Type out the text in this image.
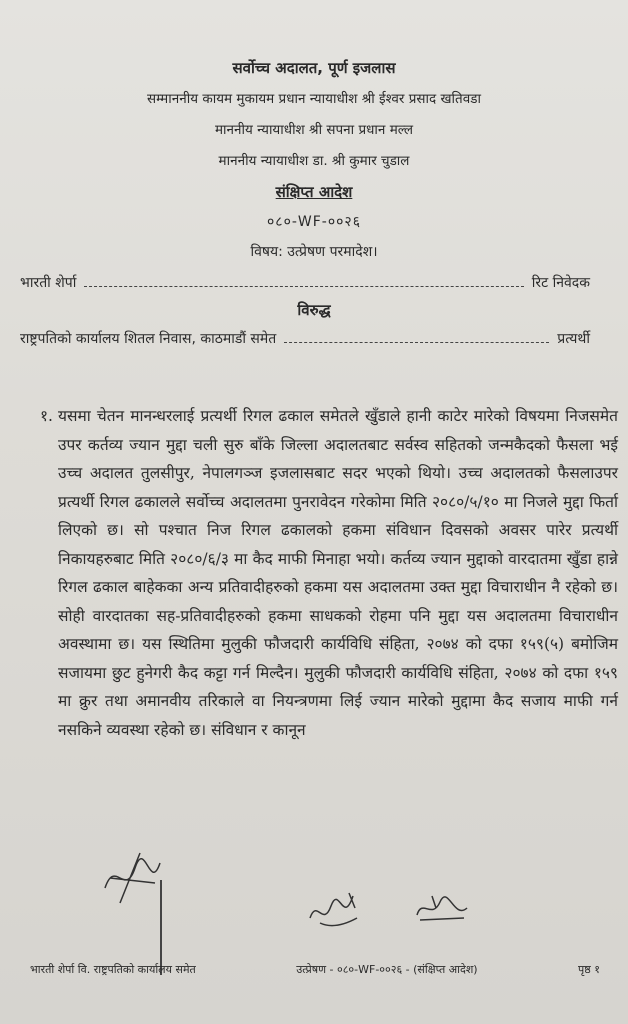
सर्वोच्च अदालत, पूर्ण इजलास
सम्माननीय कायम मुकायम प्रधान न्यायाधीश श्री ईश्वर प्रसाद खतिवडा
माननीय न्यायाधीश श्री सपना प्रधान मल्ल
माननीय न्यायाधीश डा. श्री कुमार चुडाल
संक्षिप्त आदेश
०८०-WF-००२६
विषय: उत्प्रेषण परमादेश।
भारती शेर्पा	रिट निवेदक
विरुद्ध
राष्ट्रपतिको कार्यालय शितल निवास, काठमाडौं समेत	प्रत्यर्थी
१. यसमा चेतन मानन्धरलाई प्रत्यर्थी रिगल ढकाल समेतले खुँडाले हानी काटेर मारेको विषयमा निजसमेत उपर कर्तव्य ज्यान मुद्दा चली सुरु बाँके जिल्ला अदालतबाट सर्वस्व सहितको जन्मकैदको फैसला भई उच्च अदालत तुलसीपुर, नेपालगञ्ज इजलासबाट सदर भएको थियो। उच्च अदालतको फैसलाउपर प्रत्यर्थी रिगल ढकालले सर्वोच्च अदालतमा पुनरावेदन गरेकोमा मिति २०८०/५/१० मा निजले मुद्दा फिर्ता लिएको छ। सो पश्चात निज रिगल ढकालको हकमा संविधान दिवसको अवसर पारेर प्रत्यर्थी निकायहरुबाट मिति २०८०/६/३ मा कैद माफी मिनाहा भयो। कर्तव्य ज्यान मुद्दाको वारदातमा खुँडा हान्ने रिगल ढकाल बाहेकका अन्य प्रतिवादीहरुको हकमा यस अदालतमा उक्त मुद्दा विचाराधीन नै रहेको छ। सोही वारदातका सह-प्रतिवादीहरुको हकमा साधकको रोहमा पनि मुद्दा यस अदालतमा विचाराधीन अवस्थामा छ। यस स्थितिमा मुलुकी फौजदारी कार्यविधि संहिता, २०७४ को दफा १५९(५) बमोजिम सजायमा छुट हुनेगरी कैद कट्टा गर्न मिल्दैन। मुलुकी फौजदारी कार्यविधि संहिता, २०७४ को दफा १५९ मा क्रुर तथा अमानवीय तरिकाले वा नियन्त्रणमा लिई ज्यान मारेको मुद्दामा कैद सजाय माफी गर्न नसकिने व्यवस्था रहेको छ। संविधान र कानून

भारती शेर्पा वि. राष्ट्रपतिको कार्यालय समेत	उत्प्रेषण - ०८०-WF-००२६ - (संक्षिप्त आदेश)	पृष्ठ १
